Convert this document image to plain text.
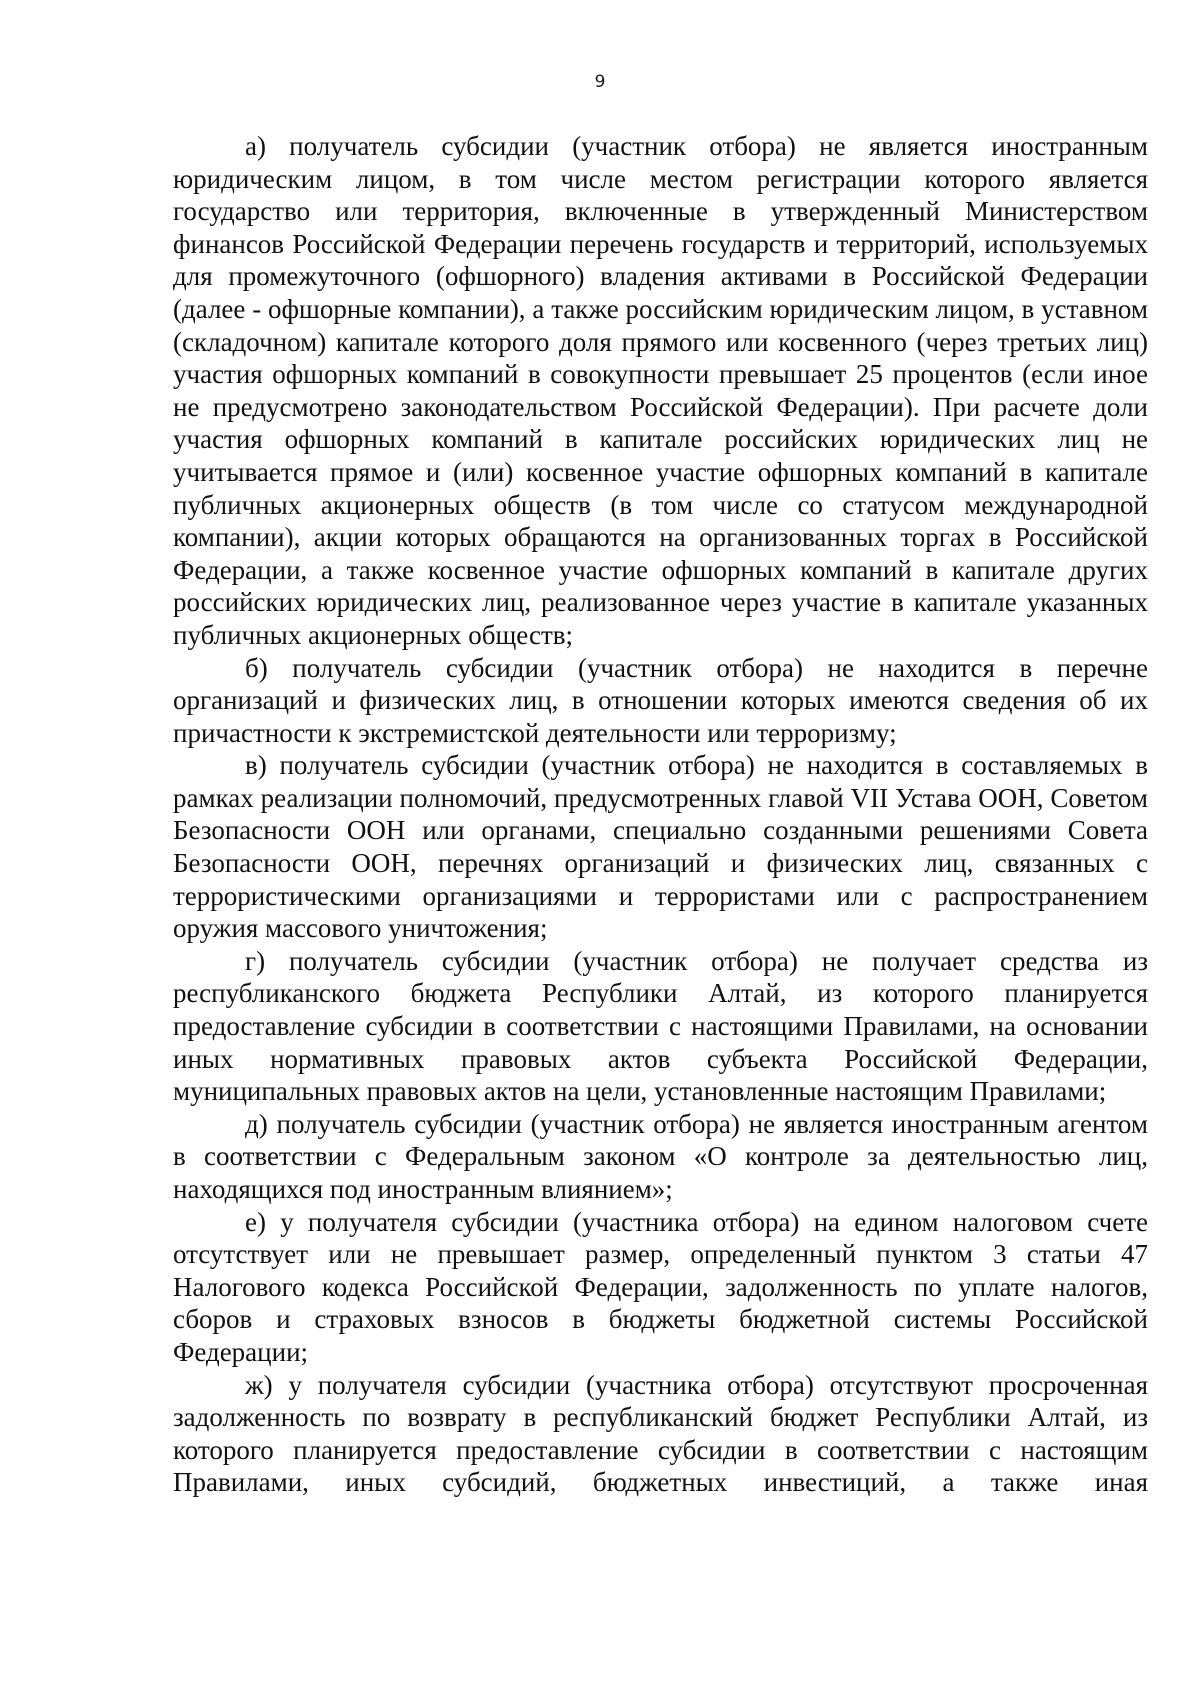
9

а) получатель субсидии (участник отбора) не является иностранным юридическим лицом, в том числе местом регистрации которого является государство или территория, включенные в утвержденный Министерством финансов Российской Федерации перечень государств и территорий, используемых для промежуточного (офшорного) владения активами в Российской Федерации (далее - офшорные компании), а также российским юридическим лицом, в уставном (складочном) капитале которого доля прямого или косвенного (через третьих лиц) участия офшорных компаний в совокупности превышает 25 процентов (если иное не предусмотрено законодательством Российской Федерации). При расчете доли участия офшорных компаний в капитале российских юридических лиц не учитывается прямое и (или) косвенное участие офшорных компаний в капитале публичных акционерных обществ (в том числе со статусом международной компании), акции которых обращаются на организованных торгах в Российской Федерации, а также косвенное участие офшорных компаний в капитале других российских юридических лиц, реализованное через участие в капитале указанных публичных акционерных обществ;

б) получатель субсидии (участник отбора) не находится в перечне организаций и физических лиц, в отношении которых имеются сведения об их причастности к экстремистской деятельности или терроризму;

в) получатель субсидии (участник отбора) не находится в составляемых в рамках реализации полномочий, предусмотренных главой VII Устава ООН, Советом Безопасности ООН или органами, специально созданными решениями Совета Безопасности ООН, перечнях организаций и физических лиц, связанных с террористическими организациями и террористами или с распространением оружия массового уничтожения;

г) получатель субсидии (участник отбора) не получает средства из республиканского бюджета Республики Алтай, из которого планируется предоставление субсидии в соответствии с настоящими Правилами, на основании иных нормативных правовых актов субъекта Российской Федерации, муниципальных правовых актов на цели, установленные настоящим Правилами;

д) получатель субсидии (участник отбора) не является иностранным агентом в соответствии с Федеральным законом «О контроле за деятельностью лиц, находящихся под иностранным влиянием»;

е) у получателя субсидии (участника отбора) на едином налоговом счете отсутствует или не превышает размер, определенный пунктом 3 статьи 47 Налогового кодекса Российской Федерации, задолженность по уплате налогов, сборов и страховых взносов в бюджеты бюджетной системы Российской Федерации;

ж) у получателя субсидии (участника отбора) отсутствуют просроченная задолженность по возврату в республиканский бюджет Республики Алтай, из которого планируется предоставление субсидии в соответствии с настоящим Правилами, иных субсидий, бюджетных инвестиций, а также иная
